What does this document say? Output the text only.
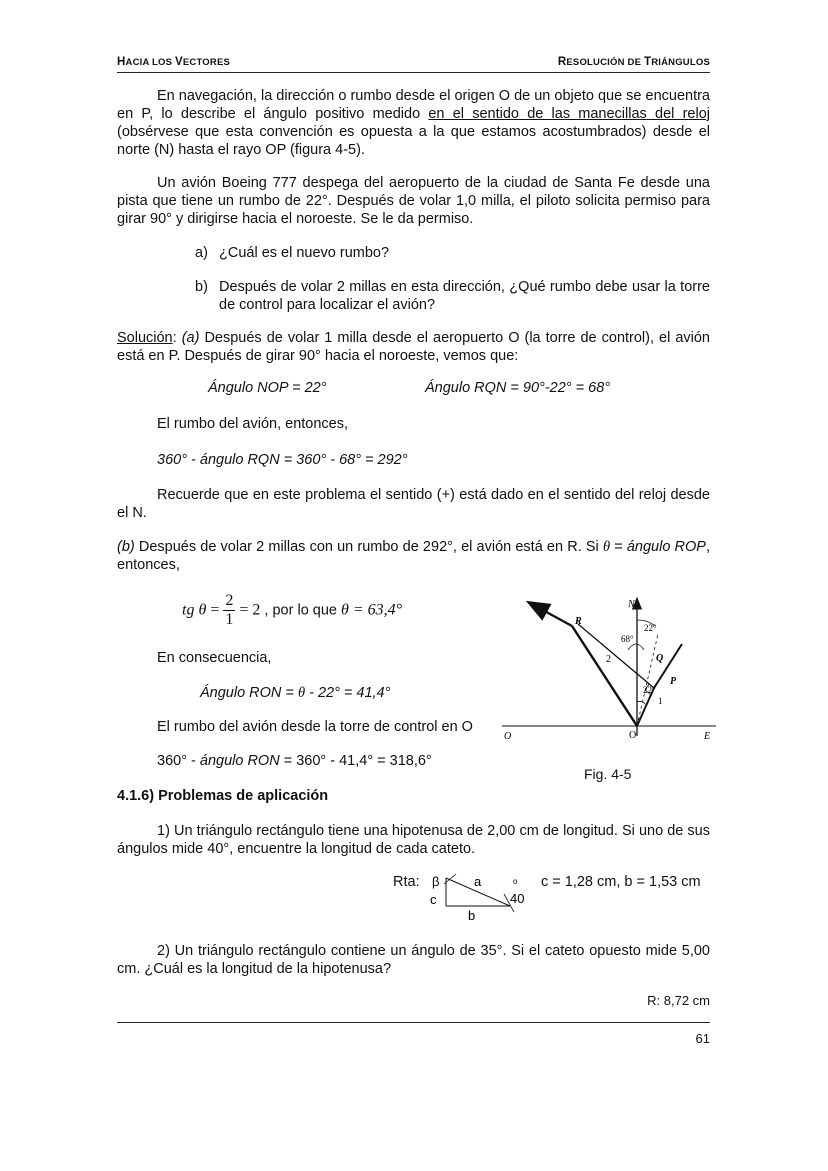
HACIA LOS VECTORES	RESOLUCIÓN DE TRIÁNGULOS

En navegación, la dirección o rumbo desde el origen O de un objeto que se encuentra en P, lo describe el ángulo positivo medido en el sentido de las manecillas del reloj (obsérvese que esta convención es opuesta a la que estamos acostumbrados) desde el norte (N) hasta el rayo OP (figura 4-5).

Un avión Boeing 777 despega del aeropuerto de la ciudad de Santa Fe desde una pista que tiene un rumbo de 22°. Después de volar 1,0 milla, el piloto solicita permiso para girar 90° y dirigirse hacia el noroeste. Se le da permiso.

a) ¿Cuál es el nuevo rumbo?
b) Después de volar 2 millas en esta dirección, ¿Qué rumbo debe usar la torre de control para localizar el avión?

Solución: (a) Después de volar 1 milla desde el aeropuerto O (la torre de control), el avión está en P. Después de girar 90° hacia el noroeste, vemos que:

Ángulo NOP = 22°	Ángulo RQN = 90°-22° = 68°
El rumbo del avión, entonces,
360° - ángulo RQN = 360° - 68° = 292°

Recuerde que en este problema el sentido (+) está dado en el sentido del reloj desde el N.

(b) Después de volar 2 millas con un rumbo de 292°, el avión está en R. Si θ = ángulo ROP, entonces,

tg $\theta = \frac{2}{1} = 2$ , por lo que θ = 63,4°
En consecuencia,
Ángulo RON = θ - 22° = 41,4°
El rumbo del avión desde la torre de control en O
360° - ángulo RON = 360° - 41,4° = 318,6°
N
R
Q
P
O	O	E
68°
22°
22°
2
1
Fig. 4-5
4.1.6) Problemas de aplicación

1) Un triángulo rectángulo tiene una hipotenusa de 2,00 cm de longitud. Si uno de sus ángulos mide 40°, encuentre la longitud de cada cateto.

Rta: β	a
c	40
b
o c = 1,28 cm, b = 1,53 cm

2) Un triángulo rectángulo contiene un ángulo de 35°. Si el cateto opuesto mide 5,00 cm. ¿Cuál es la longitud de la hipotenusa?

R: 8,72 cm
61
